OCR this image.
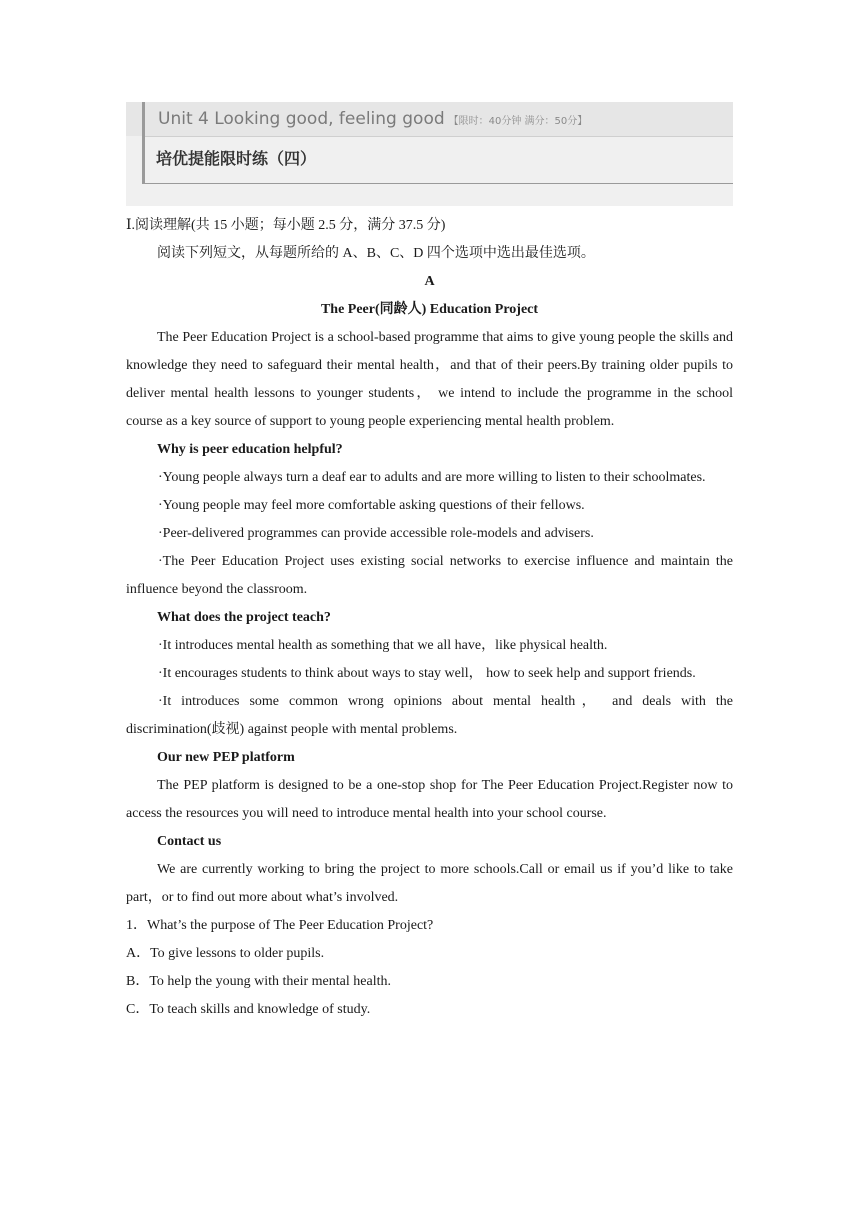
Unit 4 Looking good, feeling good 【限时：40分钟 满分：50分】
培优提能限时练（四）

Ⅰ.阅读理解(共 15 小题；每小题 2.5 分，满分 37.5 分)

阅读下列短文，从每题所给的 A、B、C、D 四个选项中选出最佳选项。

A

The Peer(同龄人) Education Project

The Peer Education Project is a school-based programme that aims to give young people the skills and knowledge they need to safeguard their mental health，and that of their peers.By training older pupils to deliver mental health lessons to younger students， we intend to include the programme in the school course as a key source of support to young people experiencing mental health problem.

Why is peer education helpful?

·Young people always turn a deaf ear to adults and are more willing to listen to their schoolmates.

·Young people may feel more comfortable asking questions of their fellows.

·Peer-delivered programmes can provide accessible role-models and advisers.

·The Peer Education Project uses existing social networks to exercise influence and maintain the influence beyond the classroom.

What does the project teach?

·It introduces mental health as something that we all have，like physical health.

·It encourages students to think about ways to stay well， how to seek help and support friends.

·It introduces some common wrong opinions about mental health， and deals with the discrimination(歧视) against people with mental problems.

Our new PEP platform

The PEP platform is designed to be a one-stop shop for The Peer Education Project.Register now to access the resources you will need to introduce mental health into your school course.

Contact us

We are currently working to bring the project to more schools.Call or email us if you’d like to take part，or to find out more about what’s involved.

1．What’s the purpose of The Peer Education Project?

A．To give lessons to older pupils.

B．To help the young with their mental health.

C．To teach skills and knowledge of study.
